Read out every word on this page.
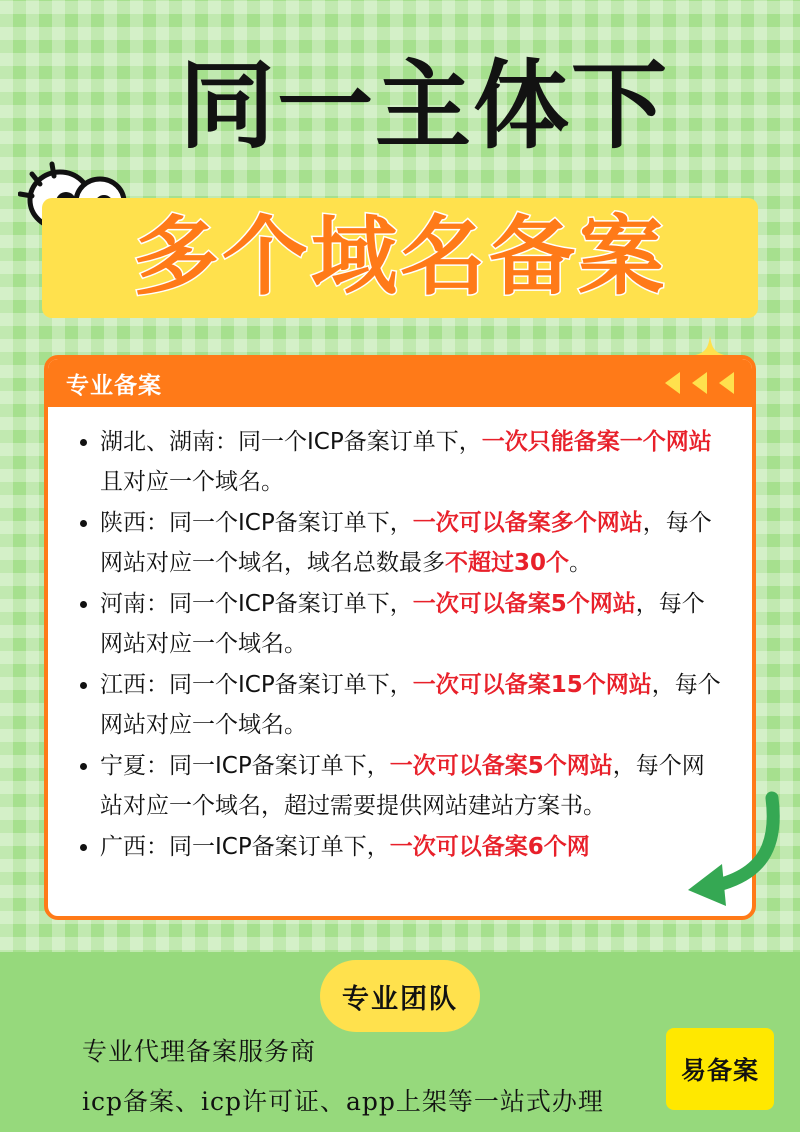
同一主体下
多个域名备案
专业备案
• 湖北、湖南：同一个ICP备案订单下，一次只能备案一个网站且对应一个域名。
• 陕西：同一个ICP备案订单下，一次可以备案多个网站，每个网站对应一个域名，域名总数最多不超过30个。
• 河南：同一个ICP备案订单下，一次可以备案5个网站，每个网站对应一个域名。
• 江西：同一个ICP备案订单下，一次可以备案15个网站，每个网站对应一个域名。
• 宁夏：同一ICP备案订单下，一次可以备案5个网站，每个网站对应一个域名，超过需要提供网站建站方案书。
• 广西：同一ICP备案订单下，一次可以备案6个网
专业团队
专业代理备案服务商
icp备案、icp许可证、app上架等一站式办理
易备案
